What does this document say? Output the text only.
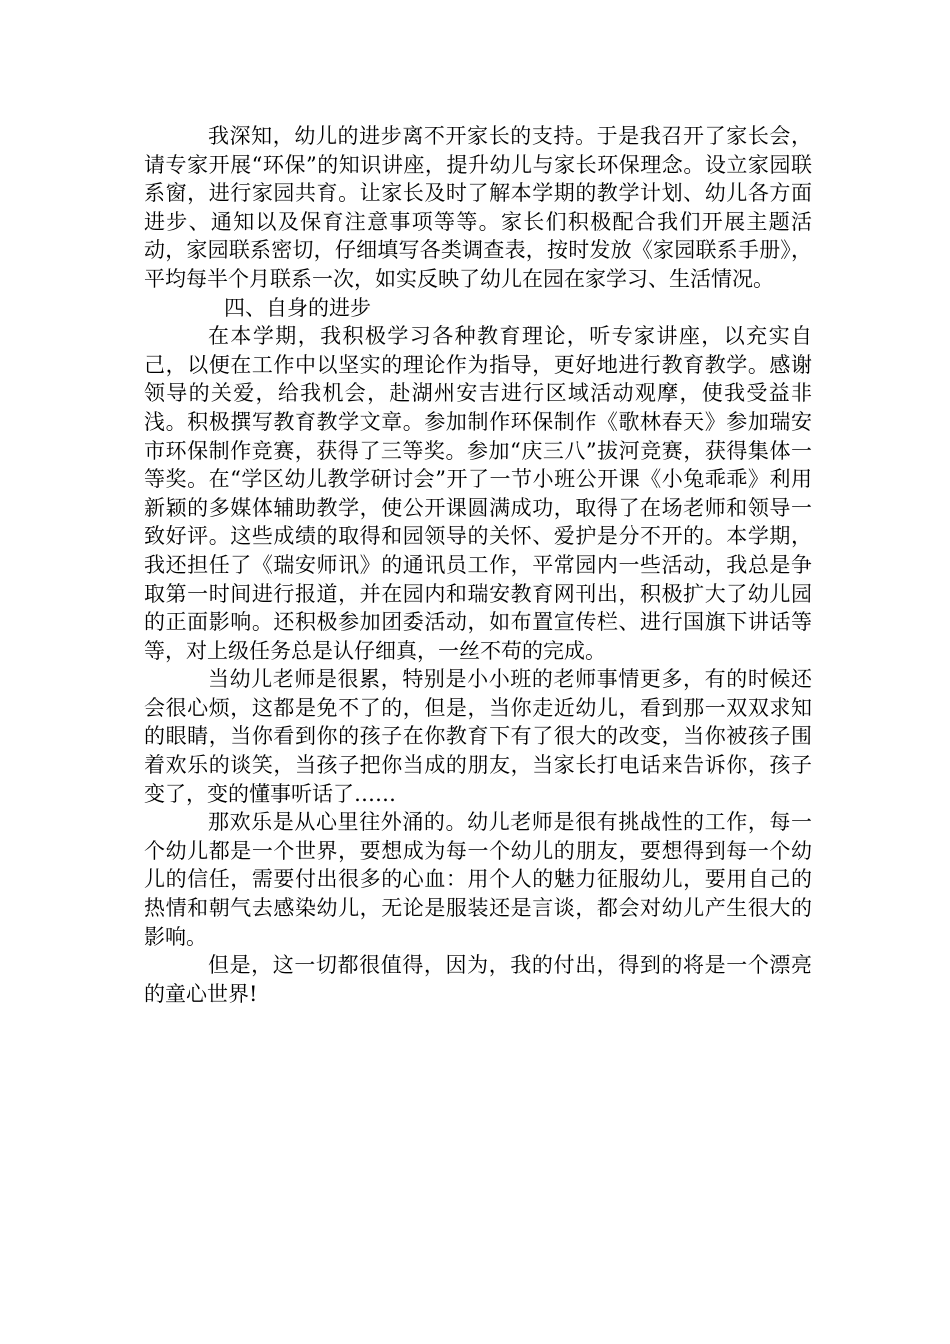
我深知，幼儿的进步离不开家长的支持。于是我召开了家长会，请专家开展“环保”的知识讲座，提升幼儿与家长环保理念。设立家园联系窗，进行家园共育。让家长及时了解本学期的教学计划、幼儿各方面进步、通知以及保育注意事项等等。家长们积极配合我们开展主题活动，家园联系密切，仔细填写各类调查表，按时发放《家园联系手册》，平均每半个月联系一次，如实反映了幼儿在园在家学习、生活情况。

四、自身的进步

在本学期，我积极学习各种教育理论，听专家讲座，以充实自己，以便在工作中以坚实的理论作为指导，更好地进行教育教学。感谢领导的关爱，给我机会，赴湖州安吉进行区域活动观摩，使我受益非浅。积极撰写教育教学文章。参加制作环保制作《歌林春天》参加瑞安市环保制作竞赛，获得了三等奖。参加“庆三八”拔河竞赛，获得集体一等奖。在“学区幼儿教学研讨会”开了一节小班公开课《小兔乖乖》利用新颖的多媒体辅助教学，使公开课圆满成功，取得了在场老师和领导一致好评。这些成绩的取得和园领导的关怀、爱护是分不开的。本学期，我还担任了《瑞安师讯》的通讯员工作，平常园内一些活动，我总是争取第一时间进行报道，并在园内和瑞安教育网刊出，积极扩大了幼儿园的正面影响。还积极参加团委活动，如布置宣传栏、进行国旗下讲话等等，对上级任务总是认仔细真，一丝不苟的完成。

当幼儿老师是很累，特别是小小班的老师事情更多，有的时候还会很心烦，这都是免不了的，但是，当你走近幼儿，看到那一双双求知的眼睛，当你看到你的孩子在你教育下有了很大的改变，当你被孩子围着欢乐的谈笑，当孩子把你当成的朋友，当家长打电话来告诉你，孩子变了，变的懂事听话了……

那欢乐是从心里往外涌的。幼儿老师是很有挑战性的工作，每一个幼儿都是一个世界，要想成为每一个幼儿的朋友，要想得到每一个幼儿的信任，需要付出很多的心血：用个人的魅力征服幼儿，要用自己的热情和朝气去感染幼儿，无论是服装还是言谈，都会对幼儿产生很大的影响。

但是，这一切都很值得，因为，我的付出，得到的将是一个漂亮的童心世界!
